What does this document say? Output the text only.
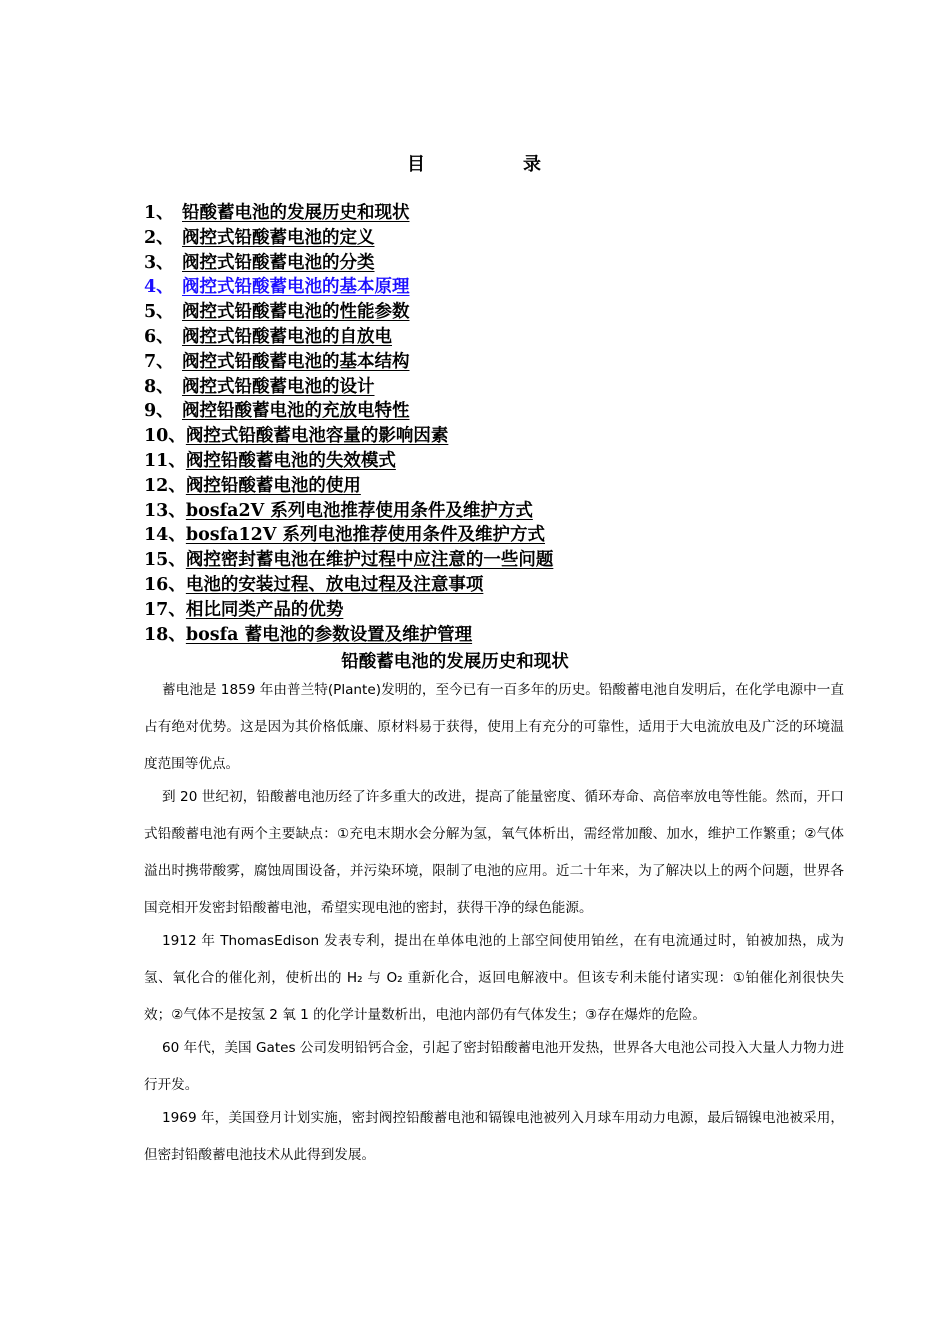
目　录
1、 铅酸蓄电池的发展历史和现状
2、 阀控式铅酸蓄电池的定义
3、 阀控式铅酸蓄电池的分类
4、 阀控式铅酸蓄电池的基本原理
5、 阀控式铅酸蓄电池的性能参数
6、 阀控式铅酸蓄电池的自放电
7、 阀控式铅酸蓄电池的基本结构
8、 阀控式铅酸蓄电池的设计
9、 阀控铅酸蓄电池的充放电特性
10、阀控式铅酸蓄电池容量的影响因素
11、阀控铅酸蓄电池的失效模式
12、阀控铅酸蓄电池的使用
13、bosfa2V 系列电池推荐使用条件及维护方式
14、bosfa12V 系列电池推荐使用条件及维护方式
15、阀控密封蓄电池在维护过程中应注意的一些问题
16、电池的安装过程、放电过程及注意事项
17、相比同类产品的优势
18、bosfa 蓄电池的参数设置及维护管理
铅酸蓄电池的发展历史和现状

蓄电池是 1859 年由普兰特(Plante)发明的，至今已有一百多年的历史。铅酸蓄电池自发明后，在化学电源中一直占有绝对优势。这是因为其价格低廉、原材料易于获得，使用上有充分的可靠性，适用于大电流放电及广泛的环境温度范围等优点。

到 20 世纪初，铅酸蓄电池历经了许多重大的改进，提高了能量密度、循环寿命、高倍率放电等性能。然而，开口式铅酸蓄电池有两个主要缺点：①充电末期水会分解为氢，氧气体析出，需经常加酸、加水，维护工作繁重；②气体溢出时携带酸雾，腐蚀周围设备，并污染环境，限制了电池的应用。近二十年来，为了解决以上的两个问题，世界各国竞相开发密封铅酸蓄电池，希望实现电池的密封，获得干净的绿色能源。

1912 年 ThomasEdison 发表专利，提出在单体电池的上部空间使用铂丝，在有电流通过时，铂被加热，成为氢、氧化合的催化剂，使析出的 H₂ 与 O₂ 重新化合，返回电解液中。但该专利未能付诸实现：①铂催化剂很快失效；②气体不是按氢 2 氧 1 的化学计量数析出，电池内部仍有气体发生；③存在爆炸的危险。

60 年代，美国 Gates 公司发明铅钙合金，引起了密封铅酸蓄电池开发热，世界各大电池公司投入大量人力物力进行开发。

1969 年，美国登月计划实施，密封阀控铅酸蓄电池和镉镍电池被列入月球车用动力电源，最后镉镍电池被采用，但密封铅酸蓄电池技术从此得到发展。
